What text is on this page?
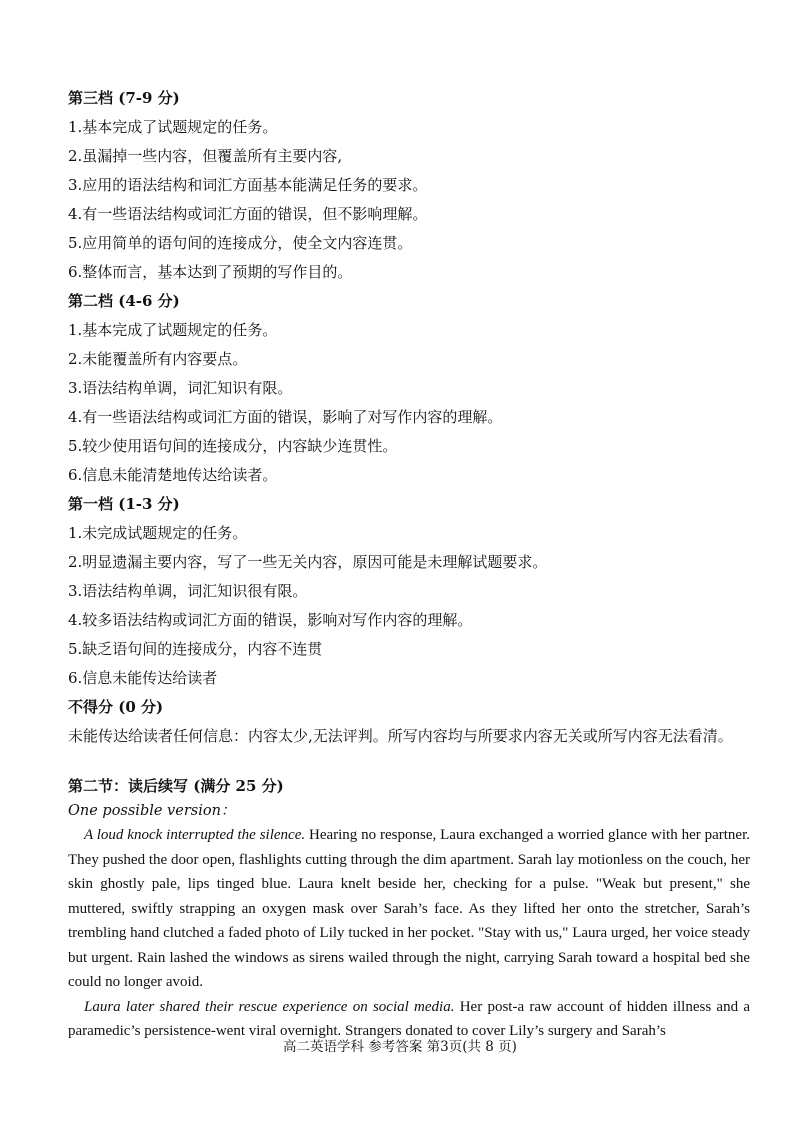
第三档 (7-9 分)
1.基本完成了试题规定的任务。
2.虽漏掉一些内容，但覆盖所有主要内容,
3.应用的语法结构和词汇方面基本能满足任务的要求。
4.有一些语法结构或词汇方面的错误，但不影响理解。
5.应用简单的语句间的连接成分，使全文内容连贯。
6.整体而言，基本达到了预期的写作目的。
第二档 (4-6 分)
1.基本完成了试题规定的任务。
2.未能覆盖所有内容要点。
3.语法结构单调，词汇知识有限。
4.有一些语法结构或词汇方面的错误，影响了对写作内容的理解。
5.较少使用语句间的连接成分，内容缺少连贯性。
6.信息未能清楚地传达给读者。
第一档 (1-3 分)
1.未完成试题规定的任务。
2.明显遗漏主要内容，写了一些无关内容，原因可能是未理解试题要求。
3.语法结构单调，词汇知识很有限。
4.较多语法结构或词汇方面的错误，影响对写作内容的理解。
5.缺乏语句间的连接成分，内容不连贯
6.信息未能传达给读者
不得分 (0 分)
未能传达给读者任何信息：内容太少,无法评判。所写内容均与所要求内容无关或所写内容无法看清。
第二节：读后续写 (满分 25 分)
One possible version：

A loud knock interrupted the silence. Hearing no response, Laura exchanged a worried glance with her partner. They pushed the door open, flashlights cutting through the dim apartment. Sarah lay motionless on the couch, her skin ghostly pale, lips tinged blue. Laura knelt beside her, checking for a pulse. "Weak but present," she muttered, swiftly strapping an oxygen mask over Sarah’s face. As they lifted her onto the stretcher, Sarah’s trembling hand clutched a faded photo of Lily tucked in her pocket. "Stay with us," Laura urged, her voice steady but urgent. Rain lashed the windows as sirens wailed through the night, carrying Sarah toward a hospital bed she could no longer avoid.

Laura later shared their rescue experience on social media. Her post-a raw account of hidden illness and a paramedic’s persistence-went viral overnight. Strangers donated to cover Lily’s surgery and Sarah’s

高二英语学科 参考答案 第3页(共 8 页)
